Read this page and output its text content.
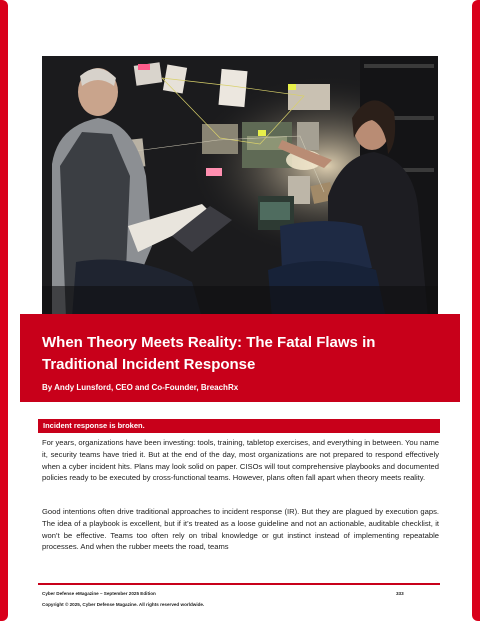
When Theory Meets Reality: The Fatal Flaws in Traditional Incident Response
By Andy Lunsford, CEO and Co-Founder, BreachRx
Incident response is broken.

For years, organizations have been investing: tools, training, tabletop exercises, and everything in between. You name it, security teams have tried it. But at the end of the day, most organizations are not prepared to respond effectively when a cyber incident hits. Plans may look solid on paper. CISOs will tout comprehensive playbooks and documented policies ready to be executed by cross-functional teams. However, plans often fall apart when theory meets reality.

Good intentions often drive traditional approaches to incident response (IR). But they are plagued by execution gaps. The idea of a playbook is excellent, but if it’s treated as a loose guideline and not an actionable, auditable checklist, it won’t be effective. Teams too often rely on tribal knowledge or gut instinct instead of implementing repeatable processes. And when the rubber meets the road, teams

Cyber Defense eMagazine – September 2025 Edition	333
Copyright © 2025, Cyber Defense Magazine. All rights reserved worldwide.
